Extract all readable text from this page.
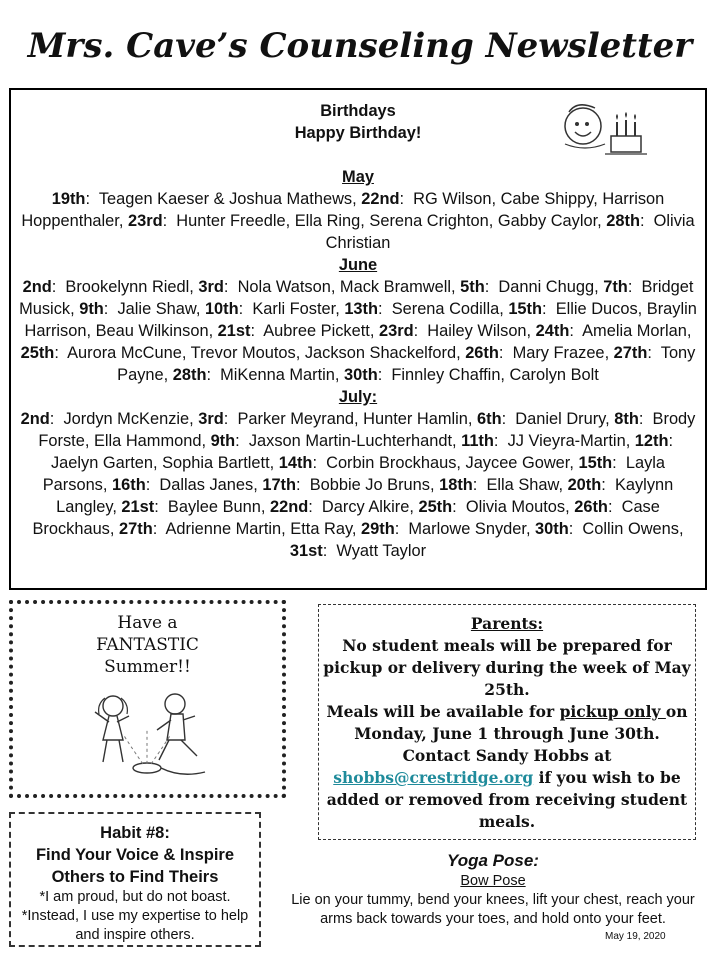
Mrs. Cave’s Counseling Newsletter
Birthdays
Happy Birthday!
May

19th:  Teagen Kaeser & Joshua Mathews, 22nd:  RG Wilson, Cabe Shippy, Harrison Hoppenthaler, 23rd:  Hunter Freedle, Ella Ring, Serena Crighton, Gabby Caylor, 28th:  Olivia Christian

June

2nd:  Brookelynn Riedl, 3rd:  Nola Watson, Mack Bramwell, 5th:  Danni Chugg, 7th:  Bridget Musick, 9th:  Jalie Shaw, 10th:  Karli Foster, 13th:  Serena Codilla, 15th:  Ellie Ducos, Braylin Harrison, Beau Wilkinson, 21st:  Aubree Pickett, 23rd:  Hailey Wilson, 24th:  Amelia Morlan, 25th:  Aurora McCune, Trevor Moutos, Jackson Shackelford, 26th:  Mary Frazee, 27th:  Tony Payne, 28th:  MiKenna Martin, 30th:  Finnley Chaffin, Carolyn Bolt

July:

2nd:  Jordyn McKenzie, 3rd:  Parker Meyrand, Hunter Hamlin, 6th:  Daniel Drury, 8th:  Brody Forste, Ella Hammond, 9th:  Jaxson Martin-Luchterhandt, 11th:  JJ Vieyra-Martin, 12th:  Jaelyn Garten, Sophia Bartlett, 14th:  Corbin Brockhaus, Jaycee Gower, 15th:  Layla Parsons, 16th:  Dallas Janes, 17th:  Bobbie Jo Bruns, 18th:  Ella Shaw, 20th:  Kaylynn Langley, 21st:  Baylee Bunn, 22nd:  Darcy Alkire, 25th:  Olivia Moutos, 26th:  Case Brockhaus, 27th:  Adrienne Martin, Etta Ray, 29th:  Marlowe Snyder, 30th:  Collin Owens, 31st:  Wyatt Taylor

Have a
FANTASTIC
Summer!!
Parents:
No student meals will be prepared for pickup or delivery during the week of May 25th.
Meals will be available for pickup only on Monday, June 1 through June 30th.
Contact Sandy Hobbs at
shobbs@crestridge.org if you wish to be added or removed from receiving student meals.
Habit #8:
Find Your Voice & Inspire Others to Find Theirs
*I am proud, but do not boast.
*Instead, I use my expertise to help and inspire others.
Yoga Pose:
Bow Pose
Lie on your tummy, bend your knees, lift your chest, reach your arms back towards your toes, and hold onto your feet.
May 19, 2020
